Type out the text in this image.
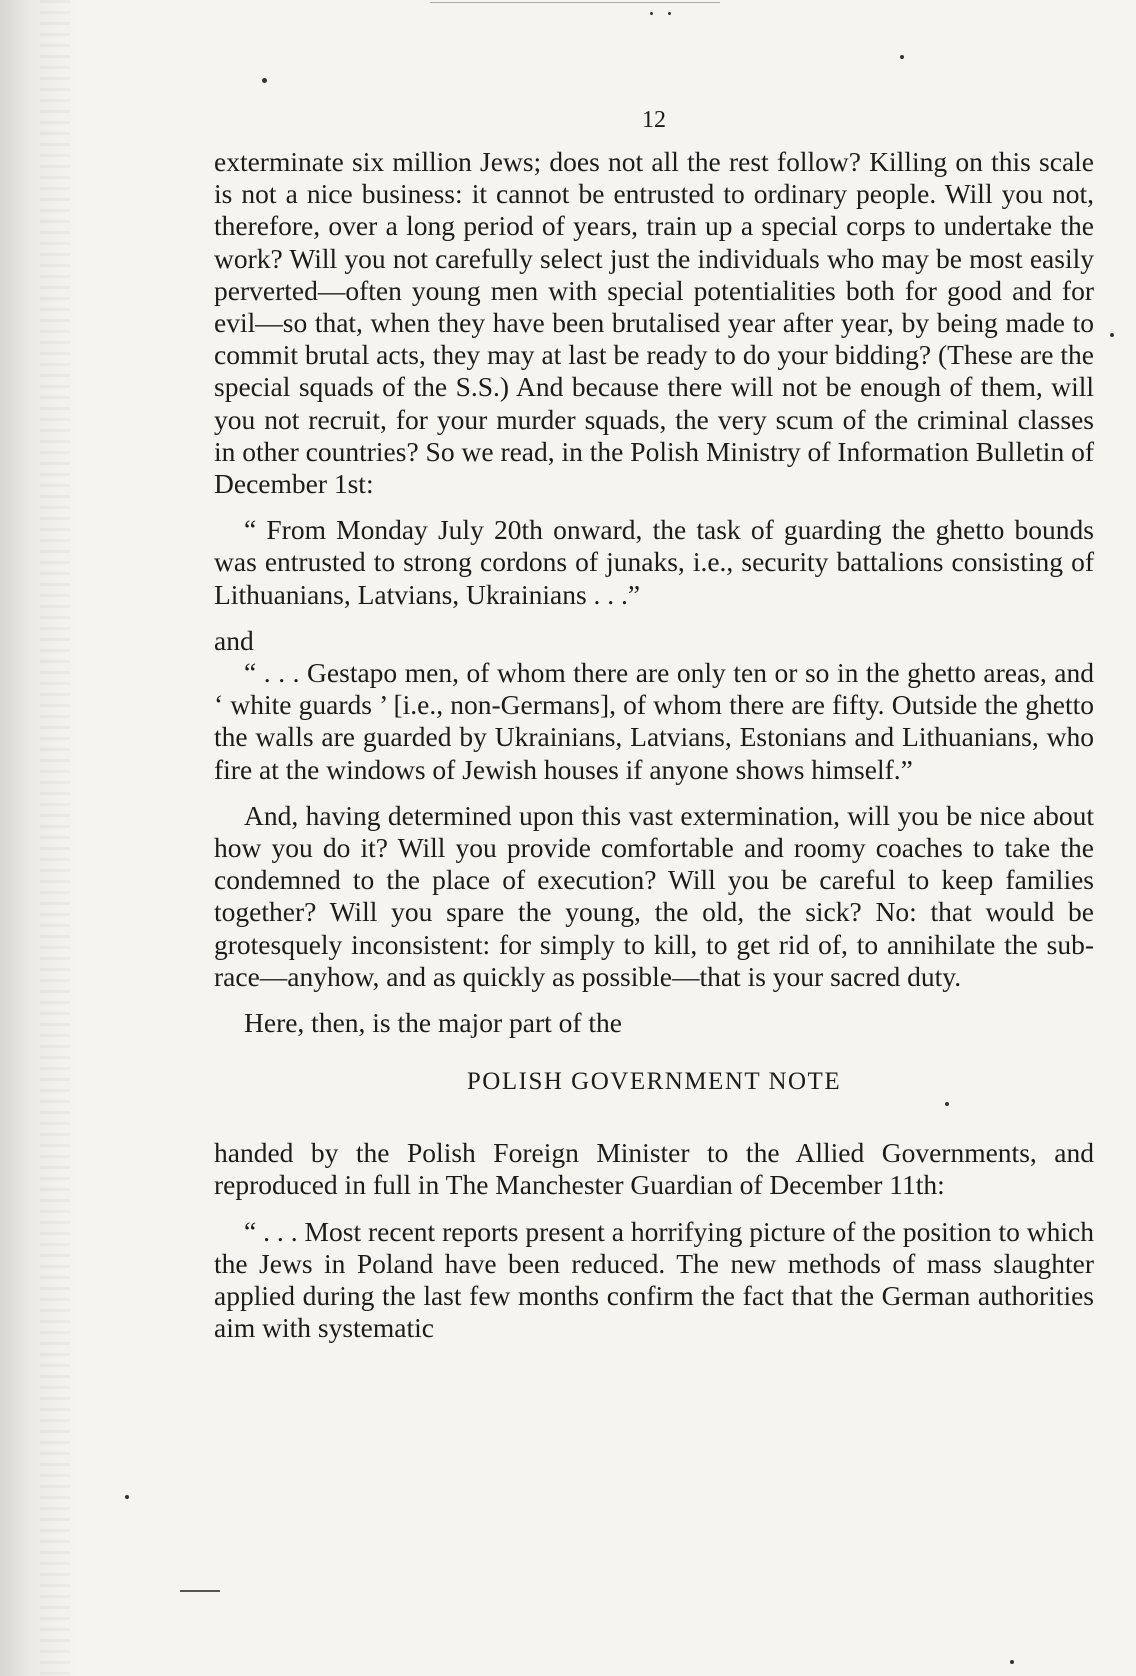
12

exterminate six million Jews; does not all the rest follow? Killing on this scale is not a nice business: it cannot be entrusted to ordinary people. Will you not, therefore, over a long period of years, train up a special corps to undertake the work? Will you not carefully select just the individuals who may be most easily perverted—often young men with special potentialities both for good and for evil—so that, when they have been brutalised year after year, by being made to commit brutal acts, they may at last be ready to do your bidding? (These are the special squads of the S.S.) And because there will not be enough of them, will you not recruit, for your murder squads, the very scum of the criminal classes in other countries? So we read, in the Polish Ministry of Information Bulletin of December 1st:

“ From Monday July 20th onward, the task of guarding the ghetto bounds was entrusted to strong cordons of junaks, i.e., security battalions consisting of Lithuanians, Latvians, Ukrainians . . .”

and

“ . . . Gestapo men, of whom there are only ten or so in the ghetto areas, and ‘ white guards ’ [i.e., non-Germans], of whom there are fifty. Outside the ghetto the walls are guarded by Ukrainians, Latvians, Estonians and Lithuanians, who fire at the windows of Jewish houses if anyone shows himself.”

And, having determined upon this vast extermination, will you be nice about how you do it? Will you provide comfortable and roomy coaches to take the condemned to the place of execution? Will you be careful to keep families together? Will you spare the young, the old, the sick? No: that would be grotesquely inconsistent: for simply to kill, to get rid of, to annihilate the sub-race—anyhow, and as quickly as possible—that is your sacred duty.

Here, then, is the major part of the

POLISH GOVERNMENT NOTE

handed by the Polish Foreign Minister to the Allied Governments, and reproduced in full in The Manchester Guardian of December 11th:

“ . . . Most recent reports present a horrifying picture of the position to which the Jews in Poland have been reduced. The new methods of mass slaughter applied during the last few months confirm the fact that the German authorities aim with systematic
